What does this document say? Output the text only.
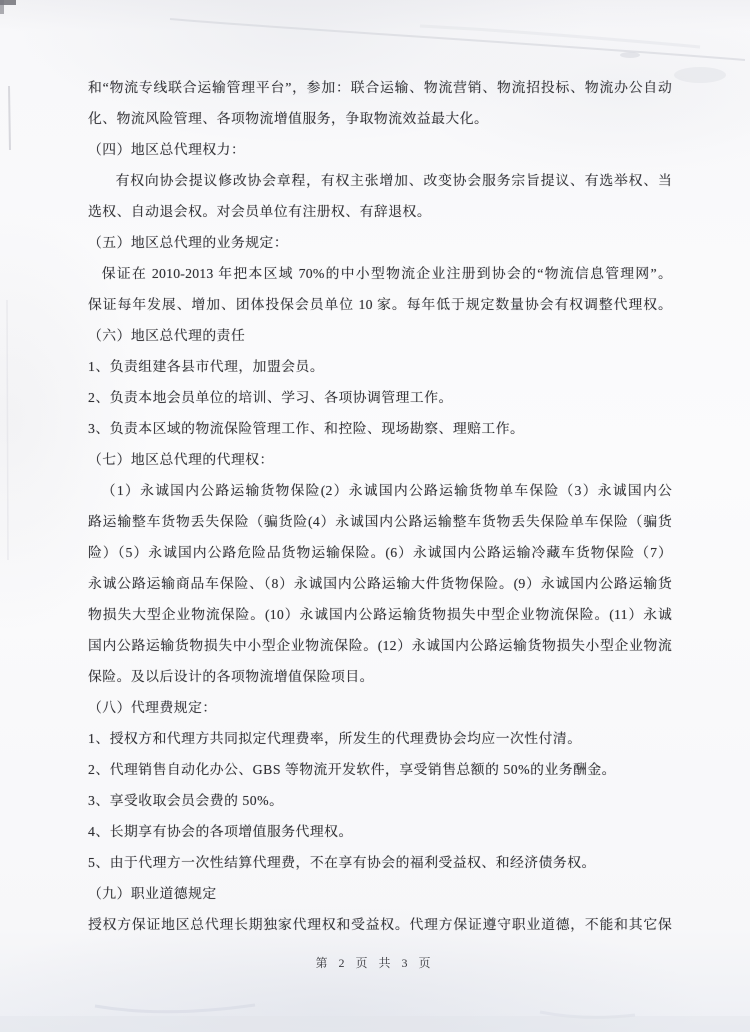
和“物流专线联合运输管理平台”，参加：联合运输、物流营销、物流招投标、物流办公自动
化、物流风险管理、各项物流增值服务，争取物流效益最大化。
（四）地区总代理权力：
有权向协会提议修改协会章程，有权主张增加、改变协会服务宗旨提议、有选举权、当
选权、自动退会权。对会员单位有注册权、有辞退权。
（五）地区总代理的业务规定：
保证在 2010-2013 年把本区域 70%的中小型物流企业注册到协会的“物流信息管理网”。
保证每年发展、增加、团体投保会员单位 10 家。每年低于规定数量协会有权调整代理权。
（六）地区总代理的责任
1、负责组建各县市代理，加盟会员。
2、负责本地会员单位的培训、学习、各项协调管理工作。
3、负责本区域的物流保险管理工作、和控险、现场勘察、理赔工作。
（七）地区总代理的代理权：
（1）永诚国内公路运输货物保险(2）永诚国内公路运输货物单车保险（3）永诚国内公
路运输整车货物丢失保险（骗货险(4）永诚国内公路运输整车货物丢失保险单车保险（骗货
险）（5）永诚国内公路危险品货物运输保险。(6）永诚国内公路运输冷藏车货物保险（7）
永诚公路运输商品车保险、（8）永诚国内公路运输大件货物保险。(9）永诚国内公路运输货
物损失大型企业物流保险。(10）永诚国内公路运输货物损失中型企业物流保险。(11）永诚
国内公路运输货物损失中小型企业物流保险。(12）永诚国内公路运输货物损失小型企业物流
保险。及以后设计的各项物流增值保险项目。
（八）代理费规定：
1、授权方和代理方共同拟定代理费率，所发生的代理费协会均应一次性付清。
2、代理销售自动化办公、GBS 等物流开发软件，享受销售总额的 50%的业务酬金。
3、享受收取会员会费的 50%。
4、长期享有协会的各项增值服务代理权。
5、由于代理方一次性结算代理费，不在享有协会的福利受益权、和经济债务权。
（九）职业道德规定
授权方保证地区总代理长期独家代理权和受益权。代理方保证遵守职业道德，不能和其它保
第 2 页 共 3 页
